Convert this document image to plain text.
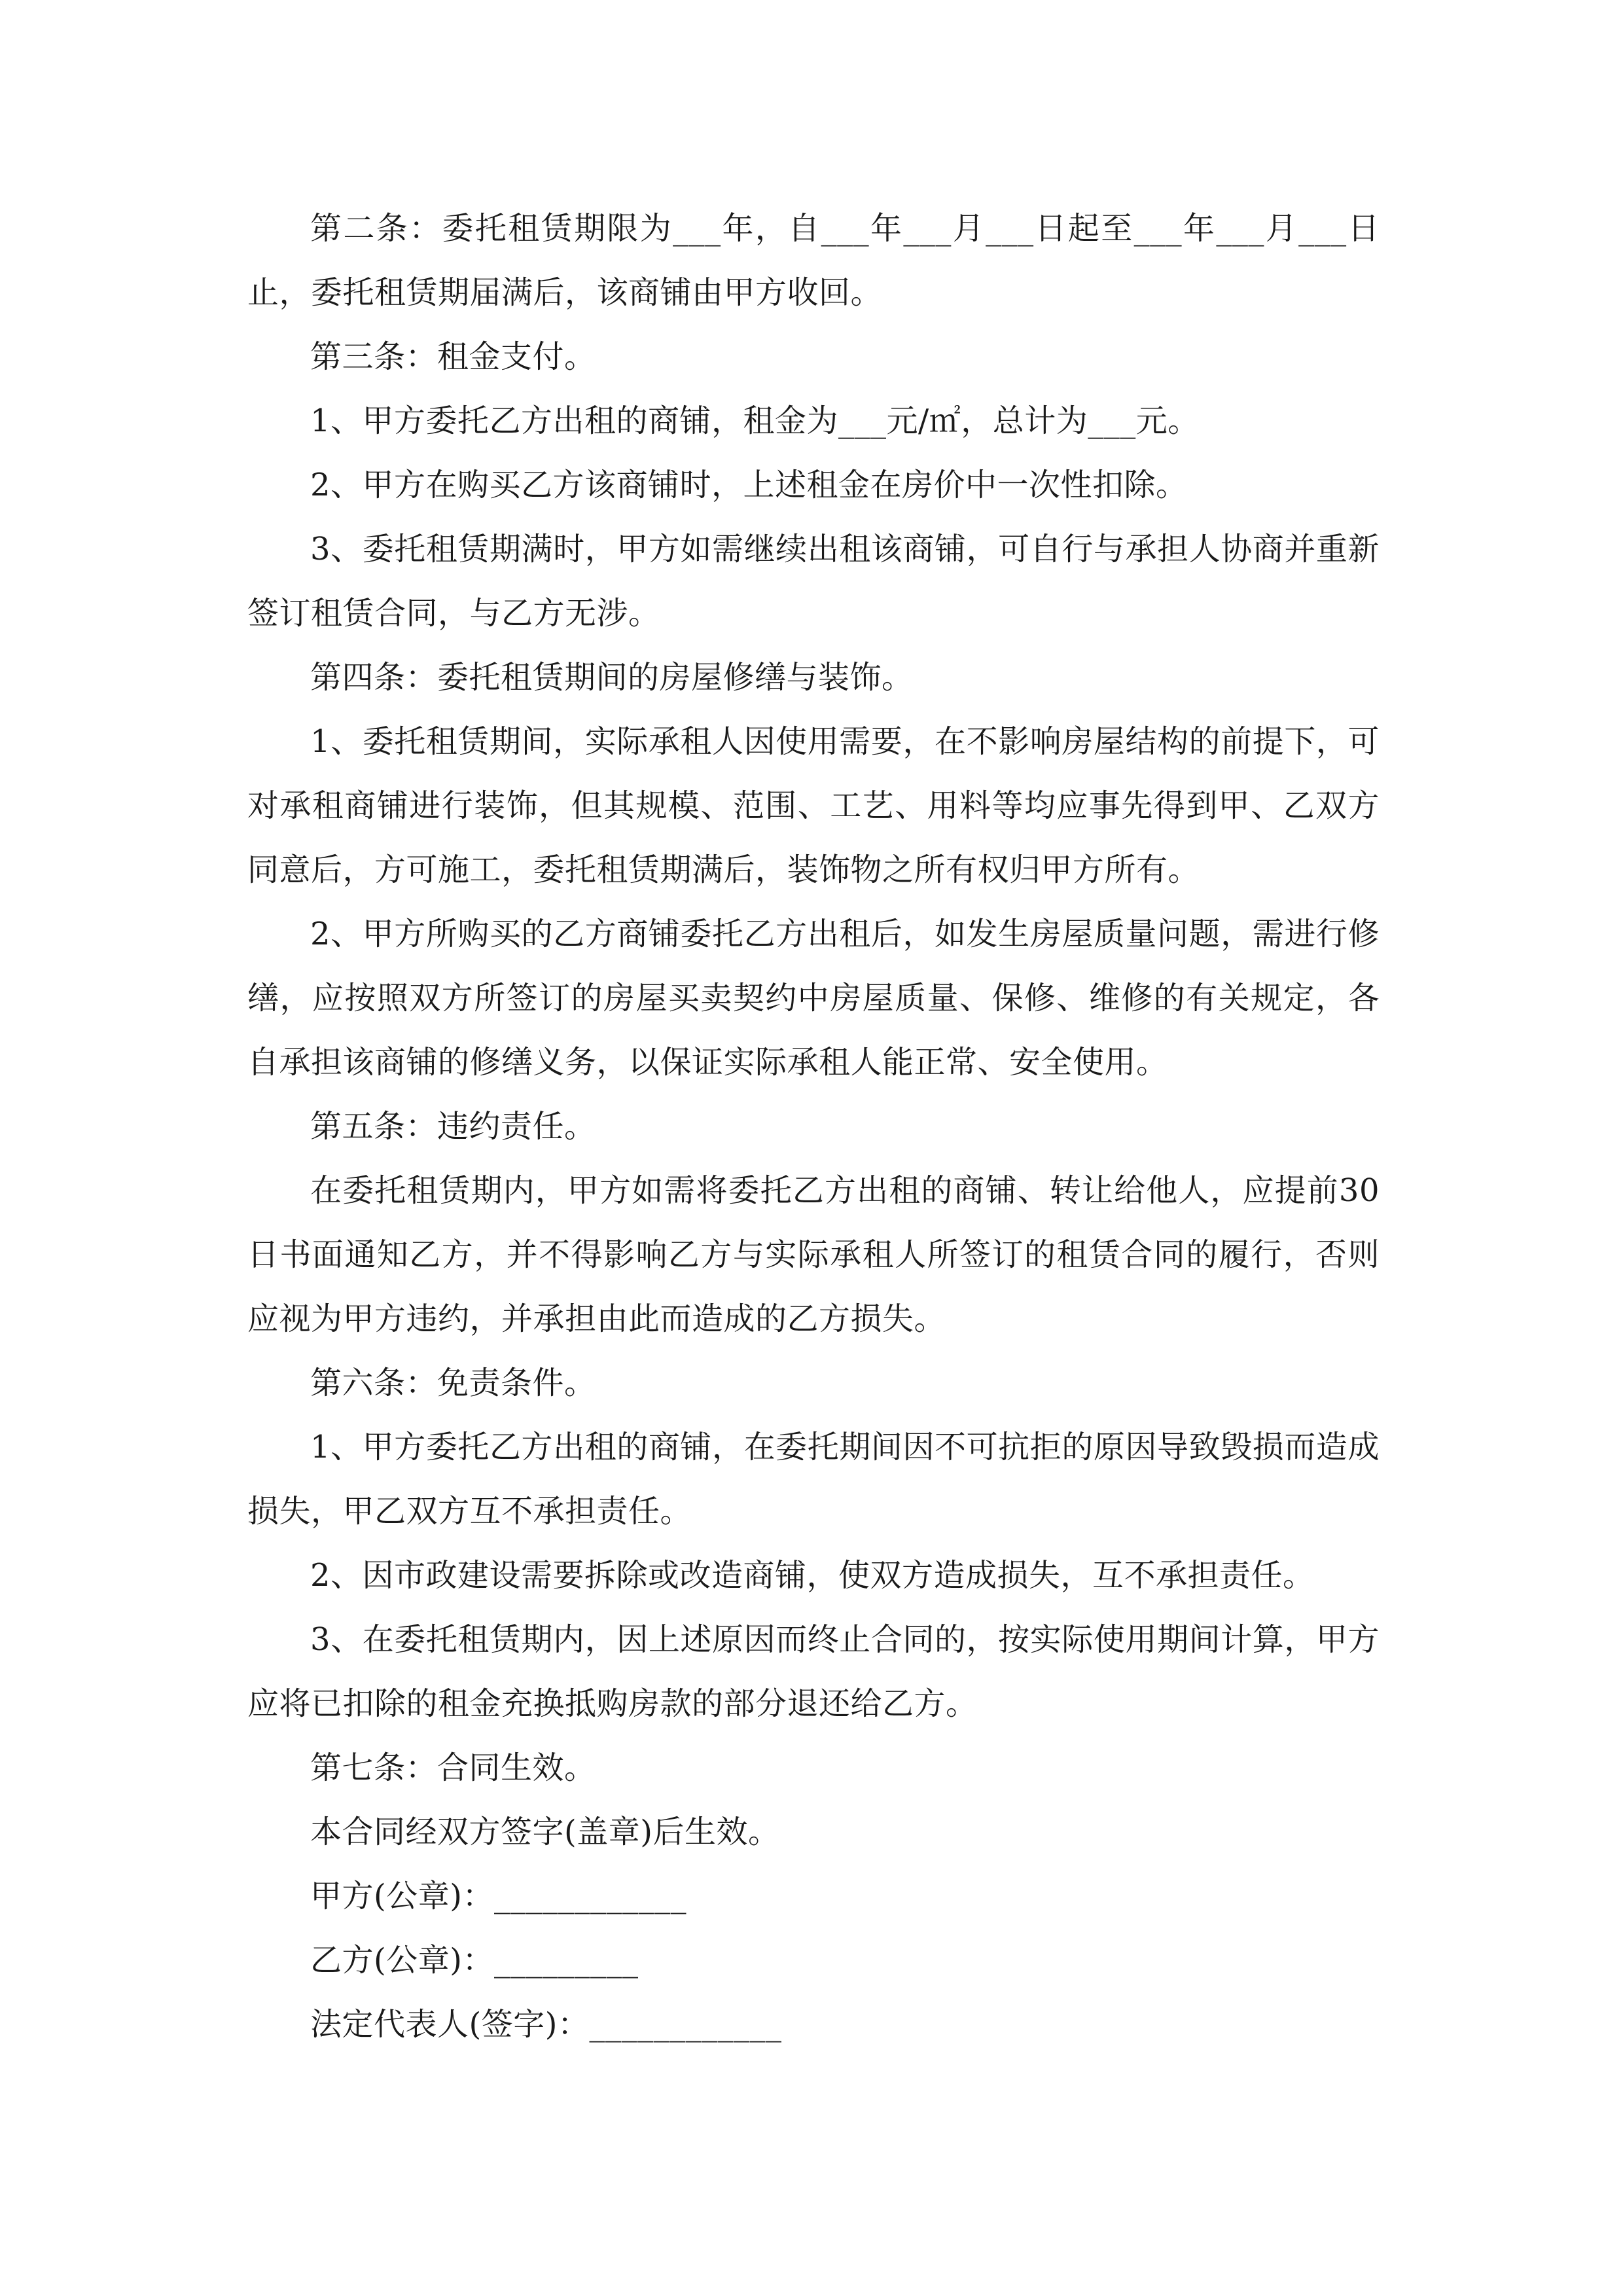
第二条：委托租赁期限为___年，自___年___月___日起至___年___月___日止，委托租赁期届满后，该商铺由甲方收回。

第三条：租金支付。

1、甲方委托乙方出租的商铺，租金为___元/㎡，总计为___元。

2、甲方在购买乙方该商铺时，上述租金在房价中一次性扣除。

3、委托租赁期满时，甲方如需继续出租该商铺，可自行与承担人协商并重新签订租赁合同，与乙方无涉。

第四条：委托租赁期间的房屋修缮与装饰。

1、委托租赁期间，实际承租人因使用需要，在不影响房屋结构的前提下，可对承租商铺进行装饰，但其规模、范围、工艺、用料等均应事先得到甲、乙双方同意后，方可施工，委托租赁期满后，装饰物之所有权归甲方所有。

2、甲方所购买的乙方商铺委托乙方出租后，如发生房屋质量问题，需进行修缮，应按照双方所签订的房屋买卖契约中房屋质量、保修、维修的有关规定，各自承担该商铺的修缮义务，以保证实际承租人能正常、安全使用。

第五条：违约责任。

在委托租赁期内，甲方如需将委托乙方出租的商铺、转让给他人，应提前30日书面通知乙方，并不得影响乙方与实际承租人所签订的租赁合同的履行，否则应视为甲方违约，并承担由此而造成的乙方损失。

第六条：免责条件。

1、甲方委托乙方出租的商铺，在委托期间因不可抗拒的原因导致毁损而造成损失，甲乙双方互不承担责任。

2、因市政建设需要拆除或改造商铺，使双方造成损失，互不承担责任。

3、在委托租赁期内，因上述原因而终止合同的，按实际使用期间计算，甲方应将已扣除的租金充换抵购房款的部分退还给乙方。

第七条：合同生效。

本合同经双方签字(盖章)后生效。

甲方(公章)：____________

乙方(公章)：_________

法定代表人(签字)：____________
